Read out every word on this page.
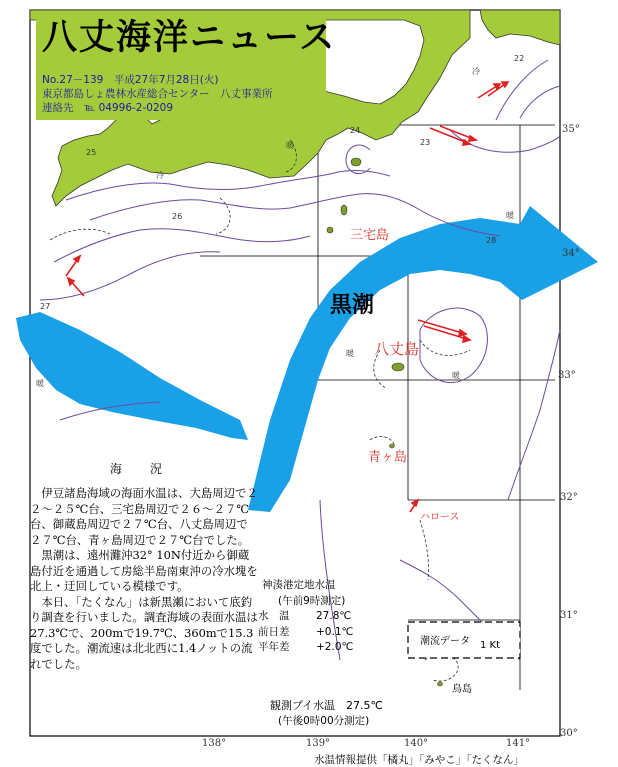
八丈海洋ニュース
No.27－139　平成27年7月28日(火)
東京都島しょ農林水産総合センター　八丈事業所
連絡先　℡ 04996-2-0209
三宅島
黒潮
八丈島
青ヶ島
ハロース
鳥島
暖
暖
冷
冷
暖
暖
暖
22
23
24
25
26
27
28
35°
34°
33°
32°
31°
30°
138°	139°	140°	141°
海　況

伊豆諸島海域の海面水温は、大島周辺で２２～２５℃台、三宅島周辺で２６～２７℃台、御蔵島周辺で２７℃台、八丈島周辺で２７℃台、青ヶ島周辺で２７℃台でした。

黒潮は、遠州灘沖32° 10N付近から御蔵島付近を通過して房総半島南東沖の冷水塊を北上・迂回している模様です。

本日、「たくなん」は新黒瀬において底釣り調査を行いました。調査海域の表面水温は27.3℃で、200mで19.7℃、360mで15.3度でした。潮流速は北北西に1.4ノットの流れでした。

神湊港定地水温
(午前9時測定)
水　温	27.8℃
前日差	+0.1℃
平年差	+2.0℃
観測ブイ水温　27.5℃
(午後0時00分測定)
潮流データ 1 Kt
水温情報提供「橘丸」「みやこ」「たくなん」
